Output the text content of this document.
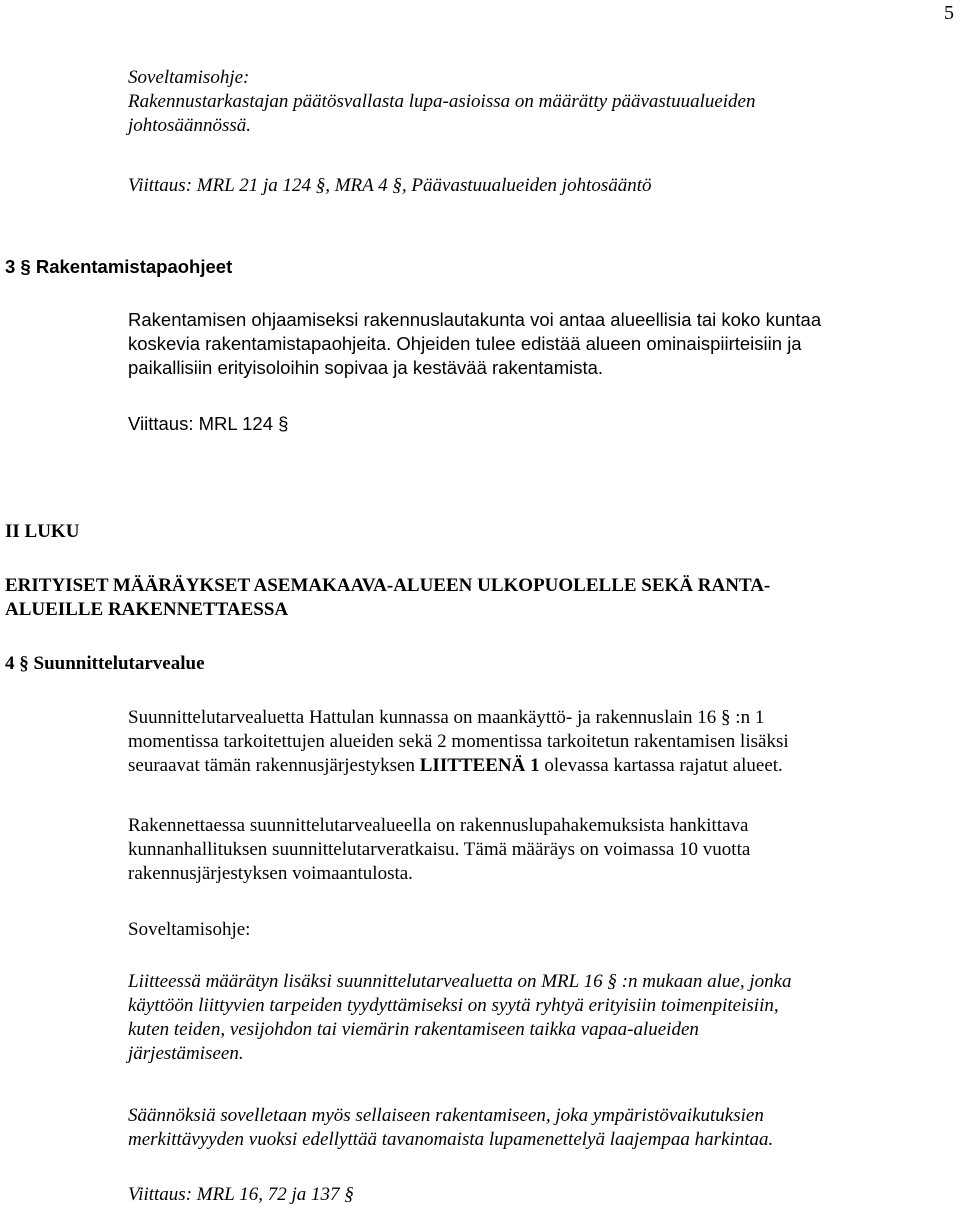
5
Soveltamisohje:
Rakennustarkastajan päätösvallasta lupa-asioissa on määrätty päävastuualueiden
johtosäännössä.
Viittaus: MRL 21 ja 124 §, MRA 4 §, Päävastuualueiden johtosääntö
3 § Rakentamistapaohjeet
Rakentamisen ohjaamiseksi rakennuslautakunta voi antaa alueellisia tai koko kuntaa
koskevia rakentamistapaohjeita. Ohjeiden tulee edistää alueen ominaispiirteisiin ja
paikallisiin erityisoloihin sopivaa ja kestävää rakentamista.
Viittaus: MRL 124 §
II LUKU
ERITYISET MÄÄRÄYKSET ASEMAKAAVA-ALUEEN ULKOPUOLELLE SEKÄ RANTA-
ALUEILLE RAKENNETTAESSA
4 § Suunnittelutarvealue
Suunnittelutarvealuetta Hattulan kunnassa on maankäyttö- ja rakennuslain 16 § :n 1
momentissa tarkoitettujen alueiden sekä 2 momentissa tarkoitetun rakentamisen lisäksi
seuraavat tämän rakennusjärjestyksen LIITTEENÄ 1 olevassa kartassa rajatut alueet.
Rakennettaessa suunnittelutarvealueella on rakennuslupahakemuksista hankittava
kunnanhallituksen suunnittelutarveratkaisu. Tämä määräys on voimassa 10 vuotta
rakennusjärjestyksen voimaantulosta.
Soveltamisohje:
Liitteessä määrätyn lisäksi suunnittelutarvealuetta on MRL 16 § :n mukaan alue, jonka
käyttöön liittyvien tarpeiden tyydyttämiseksi on syytä ryhtyä erityisiin toimenpiteisiin,
kuten teiden, vesijohdon tai viemärin rakentamiseen taikka vapaa-alueiden
järjestämiseen.
Säännöksiä sovelletaan myös sellaiseen rakentamiseen, joka ympäristövaikutuksien
merkittävyyden vuoksi edellyttää tavanomaista lupamenettelyä laajempaa harkintaa.
Viittaus: MRL 16, 72 ja 137 §
